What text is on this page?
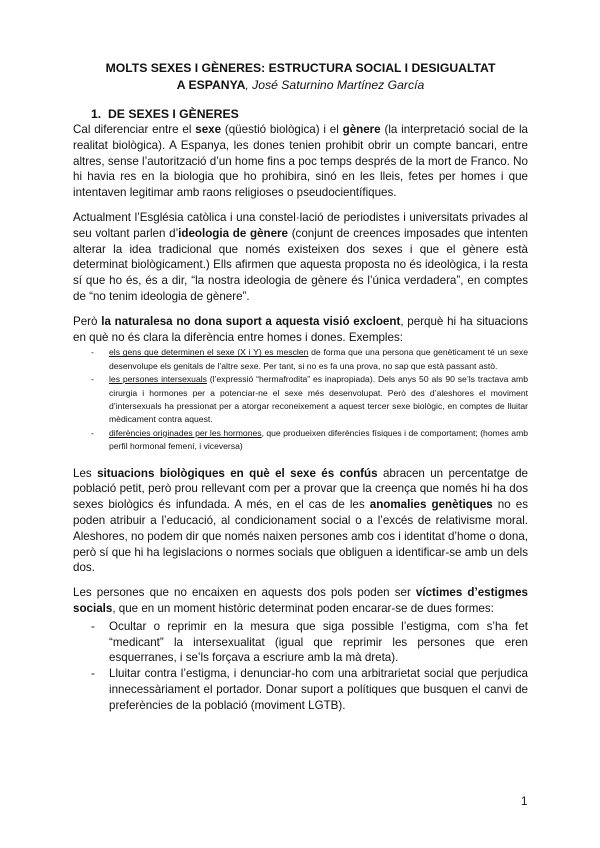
MOLTS SEXES I GÈNERES: ESTRUCTURA SOCIAL I DESIGUALTAT
A ESPANYA, José Saturnino Martínez García
1. DE SEXES I GÈNERES

Cal diferenciar entre el sexe (qüestió biològica) i el gènere (la interpretació social de la realitat biològica). A Espanya, les dones tenien prohibit obrir un compte bancari, entre altres, sense l’autorització d’un home fins a poc temps després de la mort de Franco. No hi havia res en la biologia que ho prohibira, sinó en les lleis, fetes per homes i que intentaven legitimar amb raons religioses o pseudocientífiques.

Actualment l’Església catòlica i una constel·lació de periodistes i universitats privades al seu voltant parlen d’ideologia de gènere (conjunt de creences imposades que intenten alterar la idea tradicional que només existeixen dos sexes i que el gènere està determinat biològicament.) Ells afirmen que aquesta proposta no és ideològica, i la resta sí que ho és, és a dir, “la nostra ideologia de gènere és l’única verdadera”, en comptes de “no tenim ideologia de gènere”.

Però la naturalesa no dona suport a aquesta visió excloent, perquè hi ha situacions en què no és clara la diferència entre homes i dones. Exemples:

- els gens que determinen el sexe (X i Y) es mesclen de forma que una persona que genèticament té un sexe desenvolupe els genitals de l’altre sexe. Per tant, si no es fa una prova, no sap que està passant astò.
- les persones intersexuals (l’expressió “hermafrodita” es inapropiada). Dels anys 50 als 90 se’ls tractava amb cirurgia i hormones per a potenciar-ne el sexe més desenvolupat. Però des d’aleshores el moviment d’intersexuals ha pressionat per a atorgar reconeixement a aquest tercer sexe biològic, en comptes de lluitar mèdicament contra aquest.
- diferències originades per les hormones, que produeixen diferències físiques i de comportament; (homes amb perfil hormonal femení, i viceversa)

Les situacions biològiques en què el sexe és confús abracen un percentatge de població petit, però prou rellevant com per a provar que la creença que només hi ha dos sexes biològics és infundada. A més, en el cas de les anomalies genètiques no es poden atribuir a l’educació, al condicionament social o a l’excés de relativisme moral. Aleshores, no podem dir que només naixen persones amb cos i identitat d’home o dona, però sí que hi ha legislacions o normes socials que obliguen a identificar-se amb un dels dos.

Les persones que no encaixen en aquests dos pols poden ser víctimes d’estigmes socials, que en un moment històric determinat poden encarar-se de dues formes:

- Ocultar o reprimir en la mesura que siga possible l’estigma, com s’ha fet “medicant” la intersexualitat (igual que reprimir les persones que eren esquerranes, i se’ls forçava a escriure amb la mà dreta).
- Lluitar contra l’estigma, i denunciar-ho com una arbitrarietat social que perjudica innecessàriament el portador. Donar suport a polítiques que busquen el canvi de preferències de la població (moviment LGTB).
1
